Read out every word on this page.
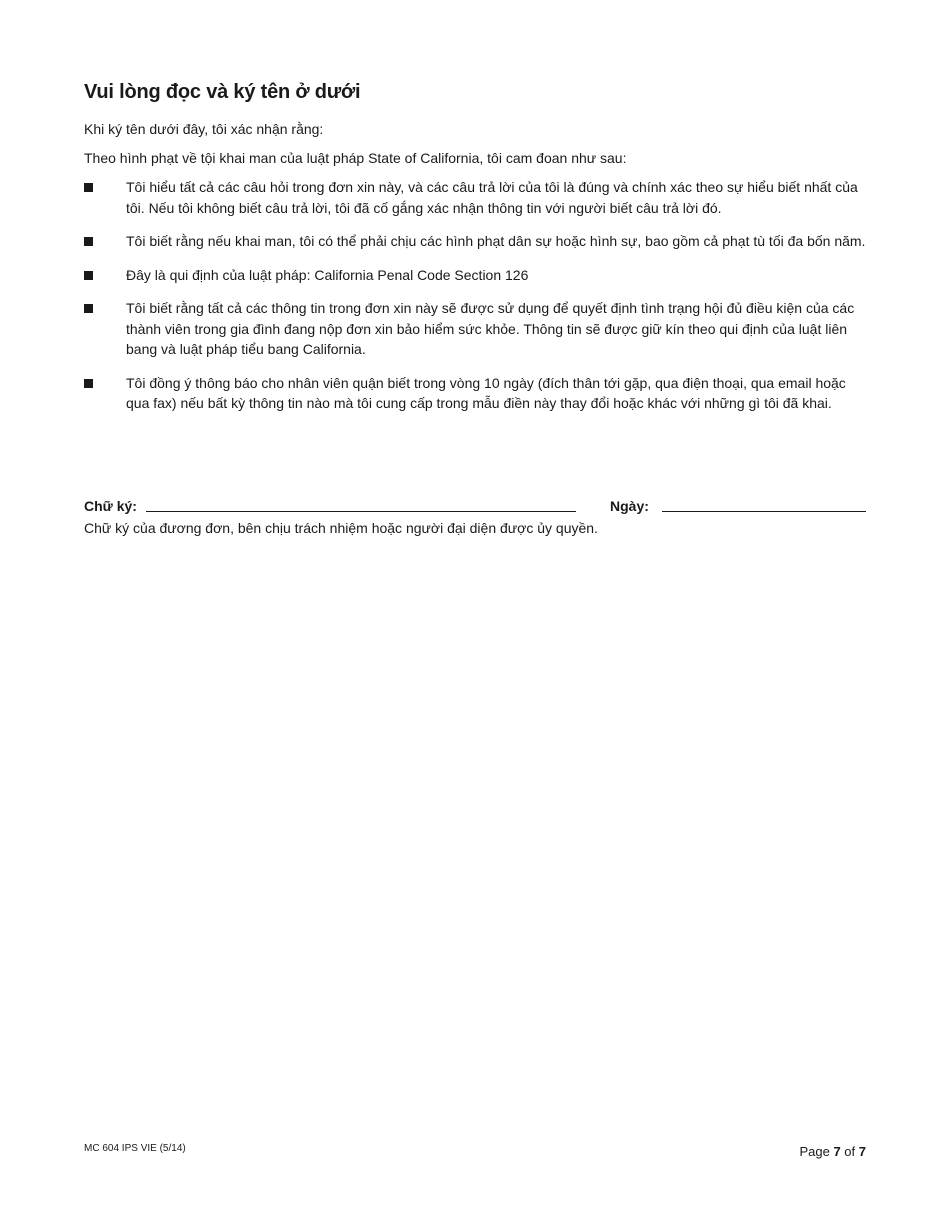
Vui lòng đọc và ký tên ở dưới

Khi ký tên dưới đây, tôi xác nhận rằng:

Theo hình phạt về tội khai man của luật pháp State of California, tôi cam đoan như sau:

Tôi hiểu tất cả các câu hỏi trong đơn xin này, và các câu trả lời của tôi là đúng và chính xác theo sự hiểu biết nhất của tôi. Nếu tôi không biết câu trả lời, tôi đã cố gắng xác nhận thông tin với người biết câu trả lời đó.
Tôi biết rằng nếu khai man, tôi có thể phải chịu các hình phạt dân sự hoặc hình sự, bao gồm cả phạt tù tối đa bốn năm.
Đây là qui định của luật pháp: California Penal Code Section 126
Tôi biết rằng tất cả các thông tin trong đơn xin này sẽ được sử dụng để quyết định tình trạng hội đủ điều kiện của các thành viên trong gia đình đang nộp đơn xin bảo hiểm sức khỏe. Thông tin sẽ được giữ kín theo qui định của luật liên bang và luật pháp tiểu bang California.
Tôi đồng ý thông báo cho nhân viên quận biết trong vòng 10 ngày (đích thân tới gặp, qua điện thoại, qua email hoặc qua fax) nếu bất kỳ thông tin nào mà tôi cung cấp trong mẫu điền này thay đổi hoặc khác với những gì tôi đã khai.
Chữ ký:	Ngày:
Chữ ký của đương đơn, bên chịu trách nhiệm hoặc người đại diện được ủy quyền.
MC 604 IPS VIE (5/14)	Page 7 of 7
